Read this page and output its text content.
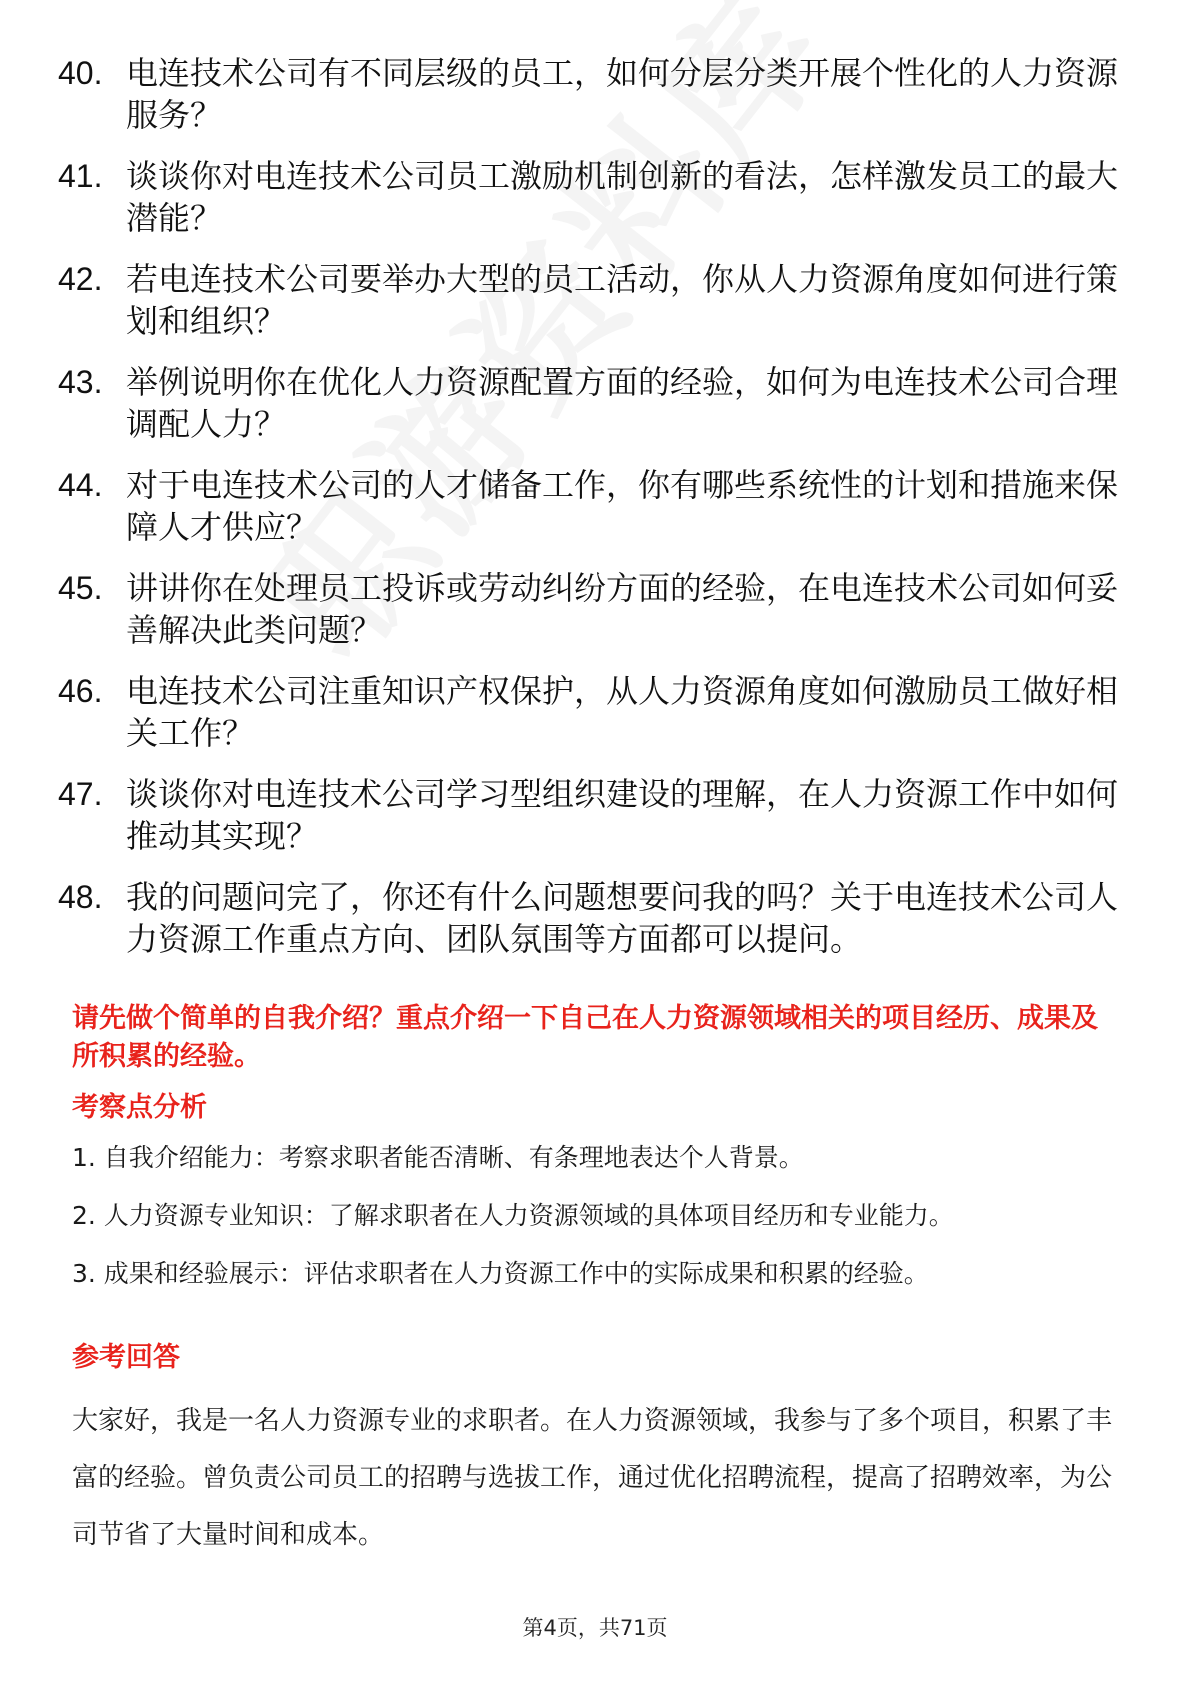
40. 电连技术公司有不同层级的员工，如何分层分类开展个性化的人力资源服务？
41. 谈谈你对电连技术公司员工激励机制创新的看法，怎样激发员工的最大潜能？
42. 若电连技术公司要举办大型的员工活动，你从人力资源角度如何进行策划和组织？
43. 举例说明你在优化人力资源配置方面的经验，如何为电连技术公司合理调配人力？
44. 对于电连技术公司的人才储备工作，你有哪些系统性的计划和措施来保障人才供应？
45. 讲讲你在处理员工投诉或劳动纠纷方面的经验，在电连技术公司如何妥善解决此类问题？
46. 电连技术公司注重知识产权保护，从人力资源角度如何激励员工做好相关工作？
47. 谈谈你对电连技术公司学习型组织建设的理解，在人力资源工作中如何推动其实现？
48. 我的问题问完了，你还有什么问题想要问我的吗？关于电连技术公司人力资源工作重点方向、团队氛围等方面都可以提问。

请先做个简单的自我介绍？重点介绍一下自己在人力资源领域相关的项目经历、成果及所积累的经验。

考察点分析
1. 自我介绍能力：考察求职者能否清晰、有条理地表达个人背景。
2. 人力资源专业知识：了解求职者在人力资源领域的具体项目经历和专业能力。
3. 成果和经验展示：评估求职者在人力资源工作中的实际成果和积累的经验。
参考回答

大家好，我是一名人力资源专业的求职者。在人力资源领域，我参与了多个项目，积累了丰富的经验。曾负责公司员工的招聘与选拔工作，通过优化招聘流程，提高了招聘效率，为公司节省了大量时间和成本。

第4页，共71页
